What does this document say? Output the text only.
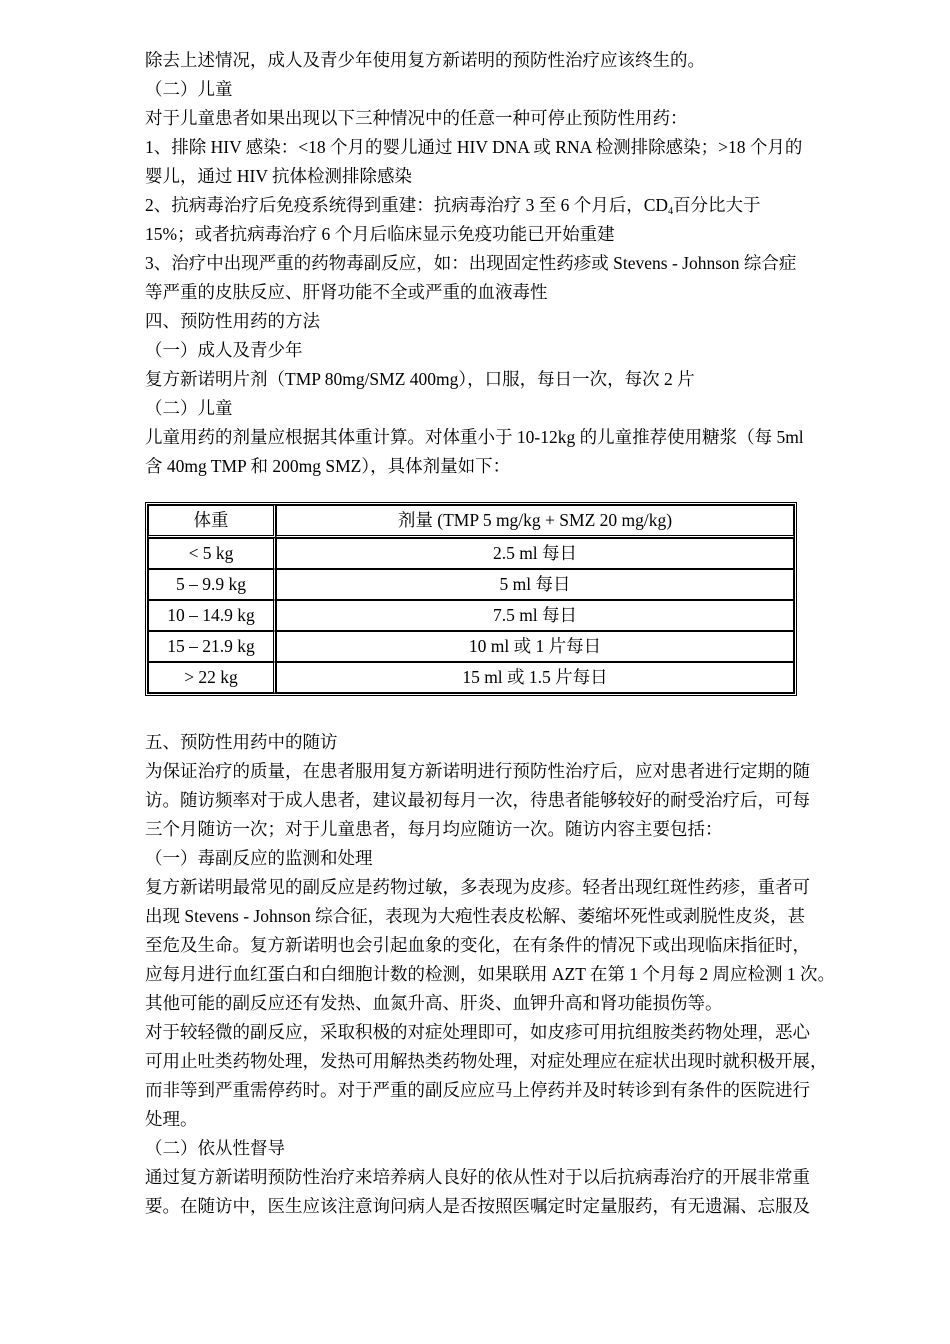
除去上述情况，成人及青少年使用复方新诺明的预防性治疗应该终生的。
（二）儿童
对于儿童患者如果出现以下三种情况中的任意一种可停止预防性用药：
1、排除 HIV 感染：<18 个月的婴儿通过 HIV DNA 或 RNA 检测排除感染；>18 个月的
婴儿，通过 HIV 抗体检测排除感染
2、抗病毒治疗后免疫系统得到重建：抗病毒治疗 3 至 6 个月后，$CD_4$百分比大于
15%；或者抗病毒治疗 6 个月后临床显示免疫功能已开始重建
3、治疗中出现严重的药物毒副反应，如：出现固定性药疹或 Stevens - Johnson 综合症
等严重的皮肤反应、肝肾功能不全或严重的血液毒性
四、预防性用药的方法
（一）成人及青少年
复方新诺明片剂（TMP 80mg/SMZ 400mg），口服，每日一次，每次 2 片
（二）儿童
儿童用药的剂量应根据其体重计算。对体重小于 10-12kg 的儿童推荐使用糖浆（每 5ml
含 40mg TMP 和 200mg SMZ），具体剂量如下：
体重	剂量 (TMP 5 mg/kg + SMZ 20 mg/kg)
< 5 kg	2.5 ml 每日
5 – 9.9 kg	5 ml 每日
10 – 14.9 kg	7.5 ml 每日
15 – 21.9 kg	10 ml 或 1 片每日
> 22 kg	15 ml 或 1.5 片每日
五、预防性用药中的随访
为保证治疗的质量，在患者服用复方新诺明进行预防性治疗后，应对患者进行定期的随
访。随访频率对于成人患者，建议最初每月一次，待患者能够较好的耐受治疗后，可每
三个月随访一次；对于儿童患者，每月均应随访一次。随访内容主要包括：
（一）毒副反应的监测和处理
复方新诺明最常见的副反应是药物过敏，多表现为皮疹。轻者出现红斑性药疹，重者可
出现 Stevens - Johnson 综合征，表现为大疱性表皮松解、萎缩坏死性或剥脱性皮炎，甚
至危及生命。复方新诺明也会引起血象的变化，在有条件的情况下或出现临床指征时，
应每月进行血红蛋白和白细胞计数的检测，如果联用 AZT 在第 1 个月每 2 周应检测 1 次。
其他可能的副反应还有发热、血氮升高、肝炎、血钾升高和肾功能损伤等。
对于较轻微的副反应，采取积极的对症处理即可，如皮疹可用抗组胺类药物处理，恶心
可用止吐类药物处理，发热可用解热类药物处理，对症处理应在症状出现时就积极开展，
而非等到严重需停药时。对于严重的副反应应马上停药并及时转诊到有条件的医院进行
处理。
（二）依从性督导
通过复方新诺明预防性治疗来培养病人良好的依从性对于以后抗病毒治疗的开展非常重
要。在随访中，医生应该注意询问病人是否按照医嘱定时定量服药，有无遗漏、忘服及
